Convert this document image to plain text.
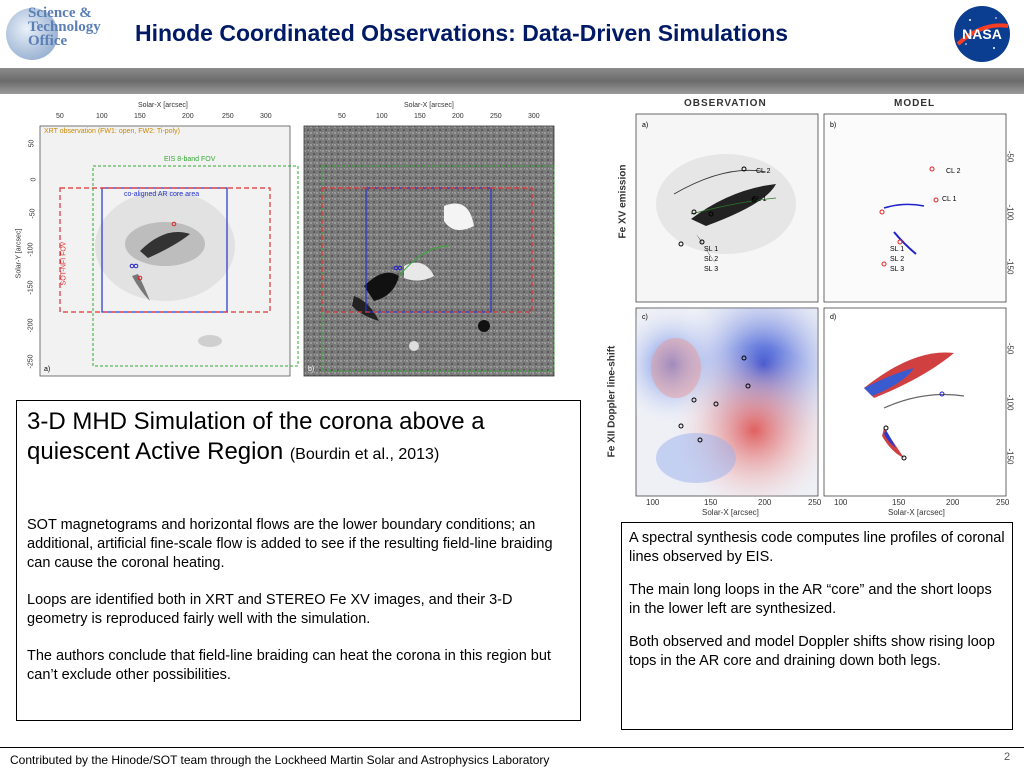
Science &
Technology
Office	Hinode Coordinated Observations: Data-Driven Simulations	NASA
Solar-X [arcsec]
50	100	150	200	250	300
Solar-Y [arcsec]
50
0
-50
-100
-150
-200
-250
XRT observation (FW1: open, FW2: Ti-poly)
EIS 8-band FOV
co-aligned AR core area
SOT-NFI FOV
a)
Solar-X [arcsec]
50	100	150	200	250	300
b)
OBSERVATION	MODEL
Fe XV emission
Fe XII Doppler line-shift
a)
CL 2
CL 1
SL 1
SL 2
SL 3
b)
CL 2
CL 1
SL 1
SL 2
SL 3
c)	d)
100	150	200	250 100	150	200	250
Solar-X [arcsec]	Solar-X [arcsec]
-50
-100
-150
-50
-100
-150
3-D MHD Simulation of the corona above a quiescent Active Region (Bourdin et al., 2013)

SOT magnetograms and horizontal flows are the lower boundary conditions; an additional, artificial fine-scale flow is added to see if the resulting field-line braiding can cause the coronal heating.

Loops are identified both in XRT and STEREO Fe XV images, and their 3-D geometry is reproduced fairly well with the simulation.

The authors conclude that field-line braiding can heat the corona in this region but can’t exclude other possibilities.

A spectral synthesis code computes line profiles of coronal lines observed by EIS.

The main long loops in the AR “core” and the short loops in the lower left are synthesized.

Both observed and model Doppler shifts show rising loop tops in the AR core and draining down both legs.

Contributed by the Hinode/SOT team through the Lockheed Martin Solar and Astrophysics Laboratory	2
